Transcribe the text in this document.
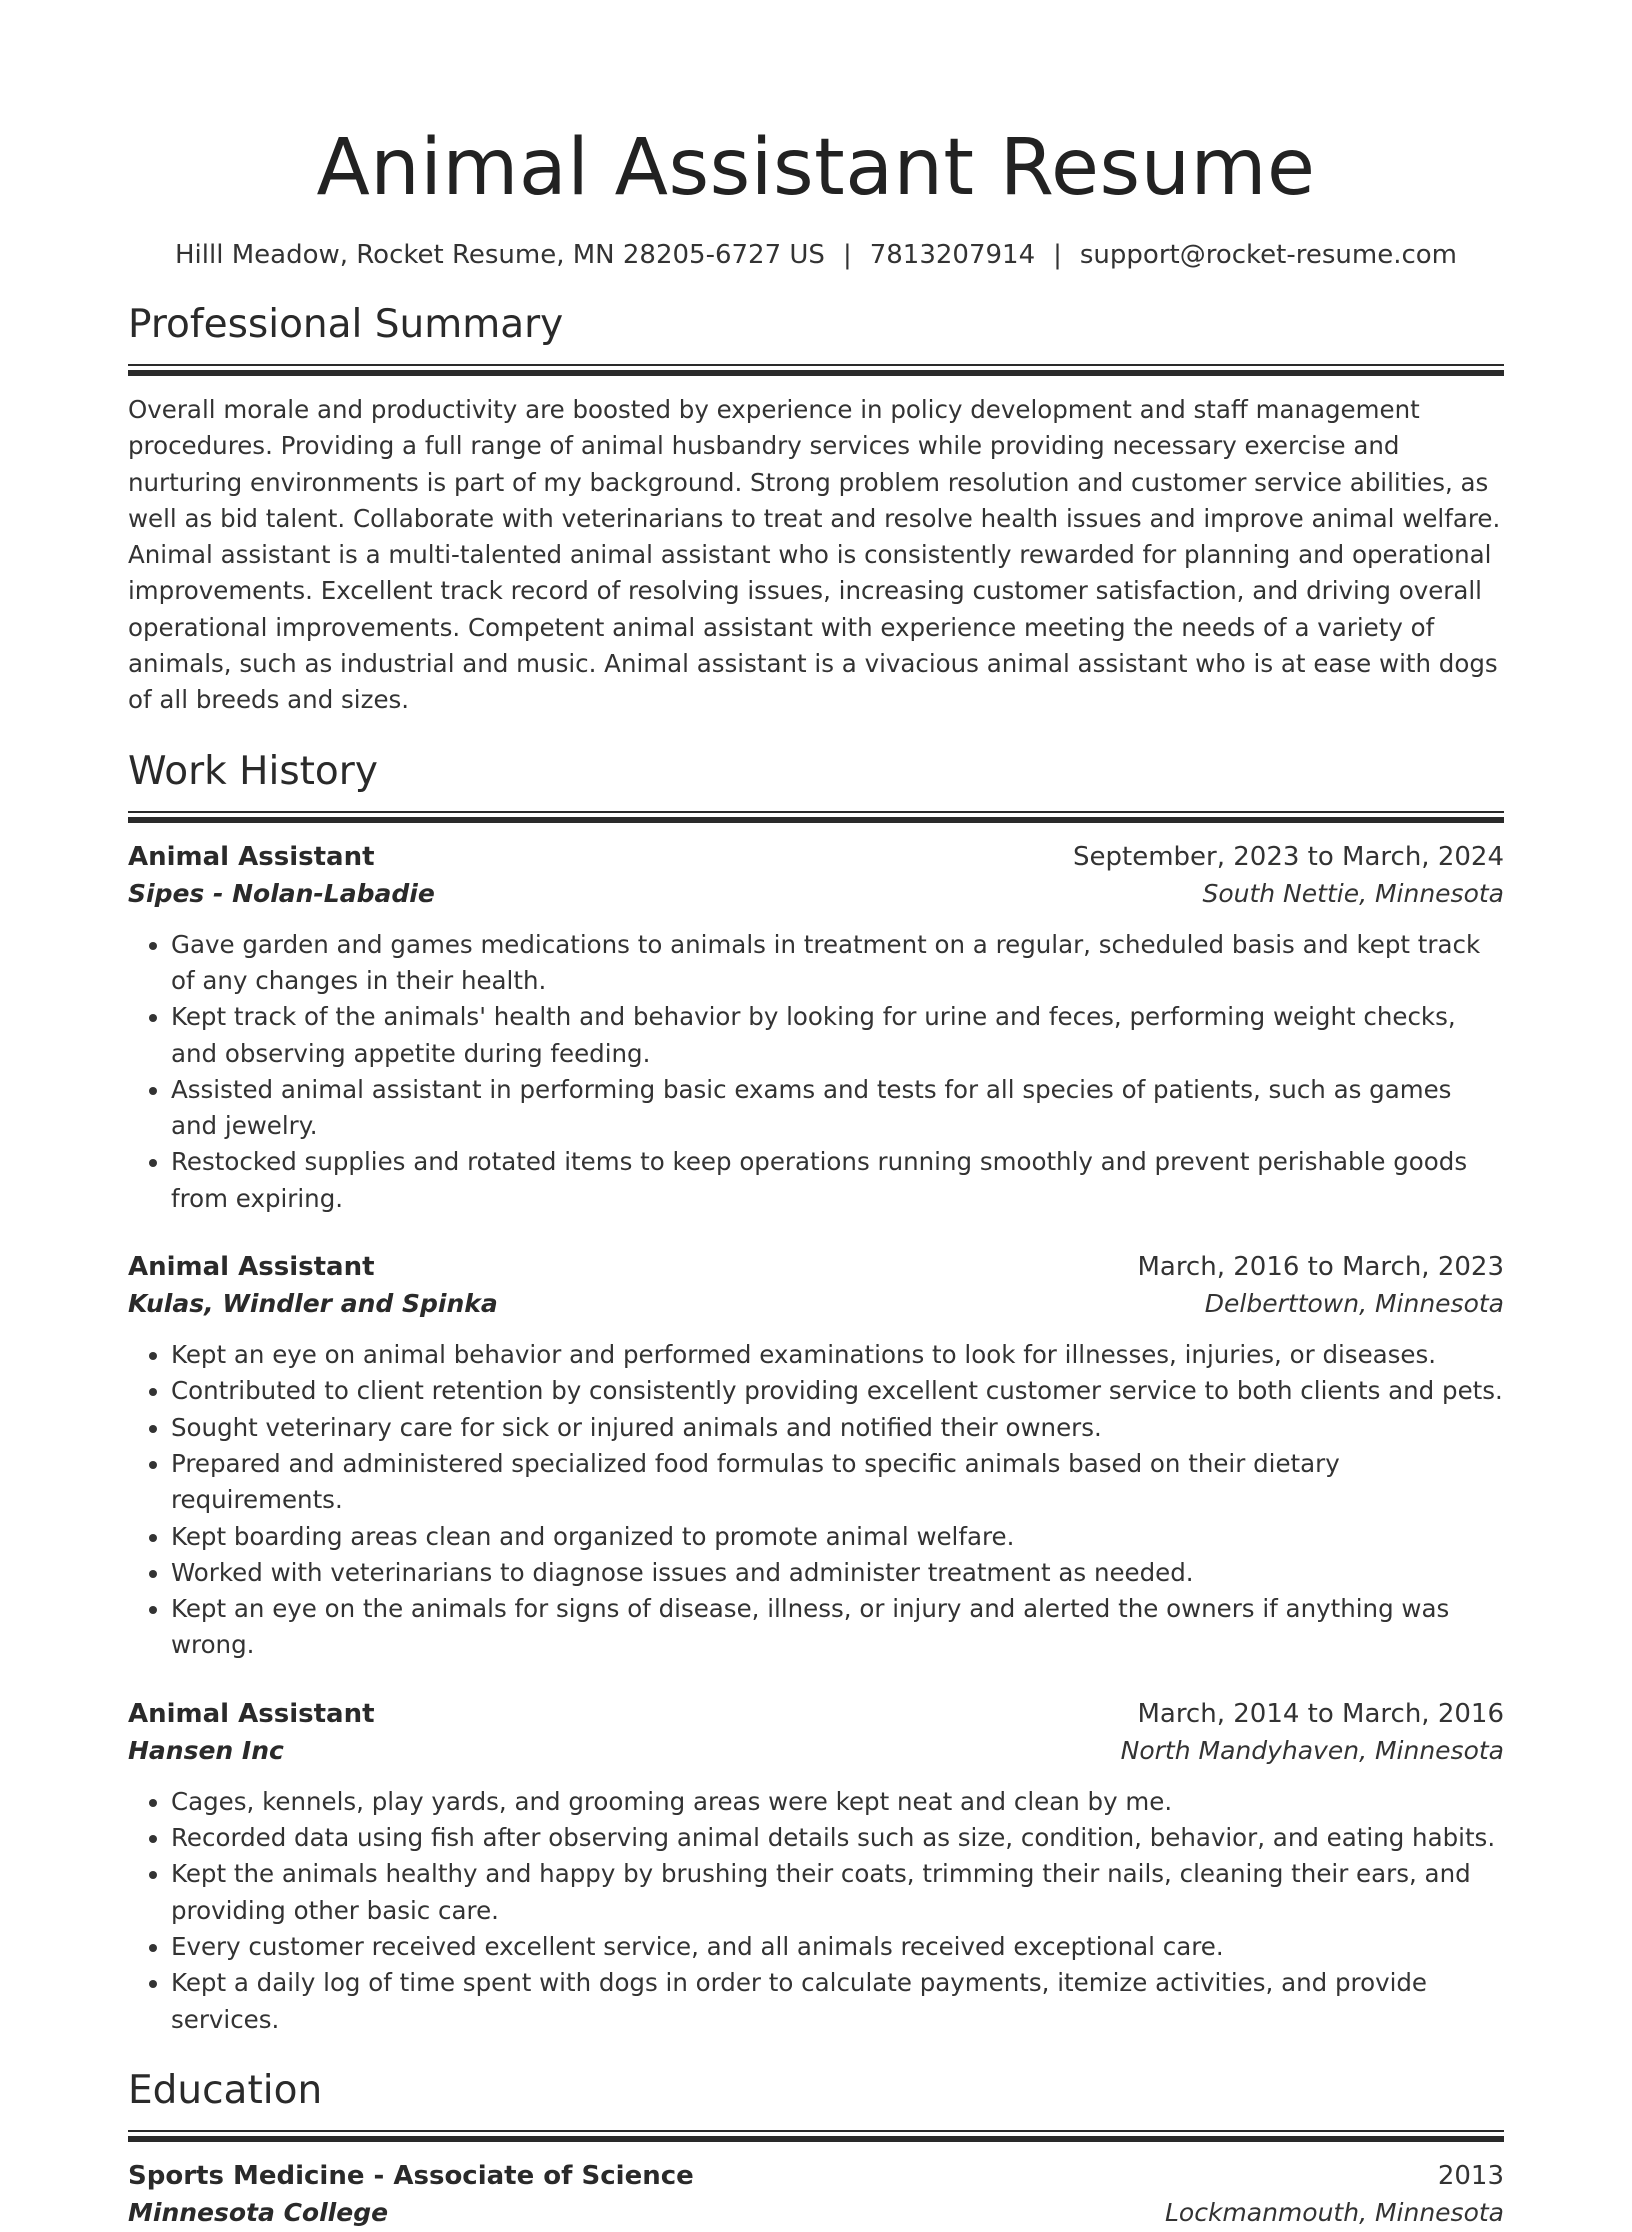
Animal Assistant Resume
Hilll Meadow, Rocket Resume, MN 28205-6727 US | 7813207914 | support@rocket-resume.com
Professional Summary

Overall morale and productivity are boosted by experience in policy development and staff management procedures. Providing a full range of animal husbandry services while providing necessary exercise and nurturing environments is part of my background. Strong problem resolution and customer service abilities, as well as bid talent. Collaborate with veterinarians to treat and resolve health issues and improve animal welfare. Animal assistant is a multi-talented animal assistant who is consistently rewarded for planning and operational improvements. Excellent track record of resolving issues, increasing customer satisfaction, and driving overall operational improvements. Competent animal assistant with experience meeting the needs of a variety of animals, such as industrial and music. Animal assistant is a vivacious animal assistant who is at ease with dogs of all breeds and sizes.

Work History
Animal Assistant	September, 2023 to March, 2024
Sipes - Nolan-Labadie	South Nettie, Minnesota
• Gave garden and games medications to animals in treatment on a regular, scheduled basis and kept track of any changes in their health.
• Kept track of the animals' health and behavior by looking for urine and feces, performing weight checks, and observing appetite during feeding.
• Assisted animal assistant in performing basic exams and tests for all species of patients, such as games and jewelry.
• Restocked supplies and rotated items to keep operations running smoothly and prevent perishable goods from expiring.
Animal Assistant	March, 2016 to March, 2023
Kulas, Windler and Spinka	Delberttown, Minnesota
• Kept an eye on animal behavior and performed examinations to look for illnesses, injuries, or diseases.
• Contributed to client retention by consistently providing excellent customer service to both clients and pets.
• Sought veterinary care for sick or injured animals and notified their owners.
• Prepared and administered specialized food formulas to specific animals based on their dietary requirements.
• Kept boarding areas clean and organized to promote animal welfare.
• Worked with veterinarians to diagnose issues and administer treatment as needed.
• Kept an eye on the animals for signs of disease, illness, or injury and alerted the owners if anything was wrong.
Animal Assistant	March, 2014 to March, 2016
Hansen Inc	North Mandyhaven, Minnesota
• Cages, kennels, play yards, and grooming areas were kept neat and clean by me.
• Recorded data using fish after observing animal details such as size, condition, behavior, and eating habits.
• Kept the animals healthy and happy by brushing their coats, trimming their nails, cleaning their ears, and providing other basic care.
• Every customer received excellent service, and all animals received exceptional care.
• Kept a daily log of time spent with dogs in order to calculate payments, itemize activities, and provide services.
Education
Sports Medicine - Associate of Science	2013
Minnesota College	Lockmanmouth, Minnesota
